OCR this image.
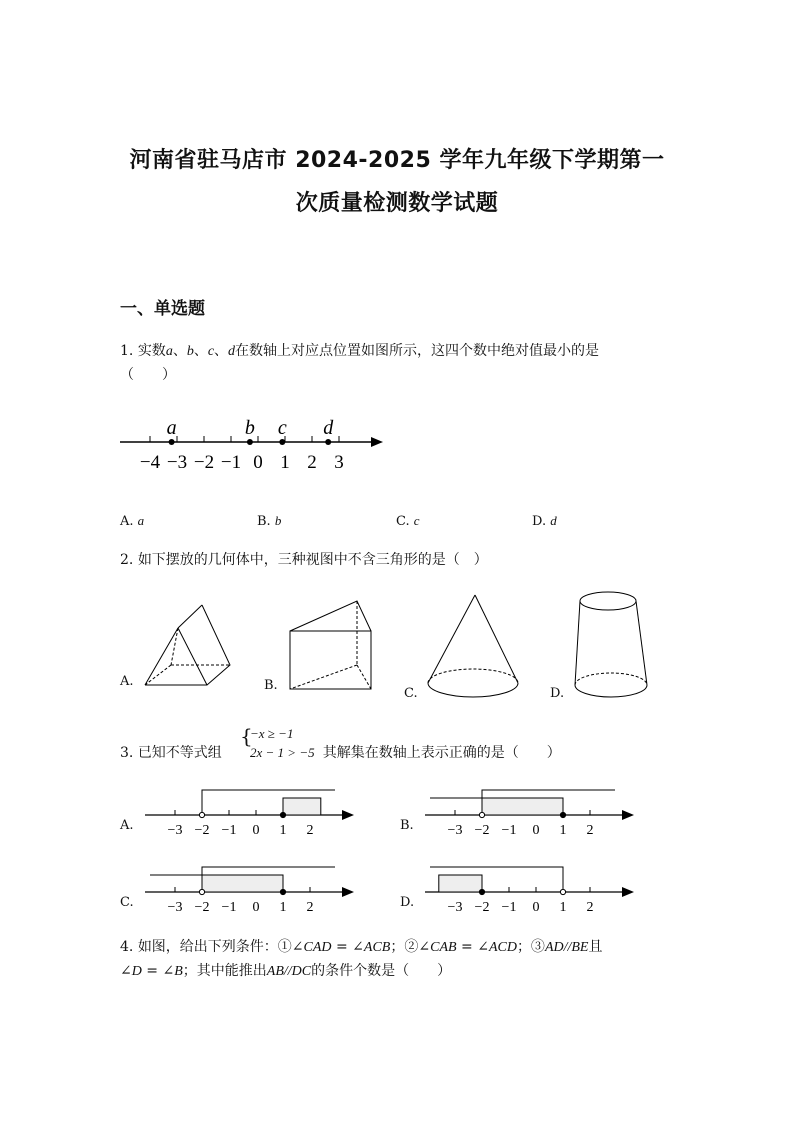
河南省驻马店市 2024-2025 学年九年级下学期第一
次质量检测数学试题
一、单选题
1. 实数a、b、c、d在数轴上对应点位置如图所示，这四个数中绝对值最小的是
（　　）
−4 −3 −2 −1 0 1 2 3
a	b c d
A. a	B. b	C. c	D. d
2. 如下摆放的几何体中，三种视图中不含三角形的是（　）
A.	B.
C.	D.
3. 已知不等式组	其解集在数轴上表示正确的是（　　）
{
−x ≥ −1
2x − 1 > −5
−3 −2 −1 0 1 2	−3 −2 −1 0 1 2
−3 −2 −1 0 1 2	−3 −2 −1 0 1 2
A.	B.
C.	D.
4. 如图，给出下列条件：①∠CAD = ∠ACB；②∠CAB = ∠ACD；③AD//BE且
∠D = ∠B；其中能推出AB//DC的条件个数是（　　）
